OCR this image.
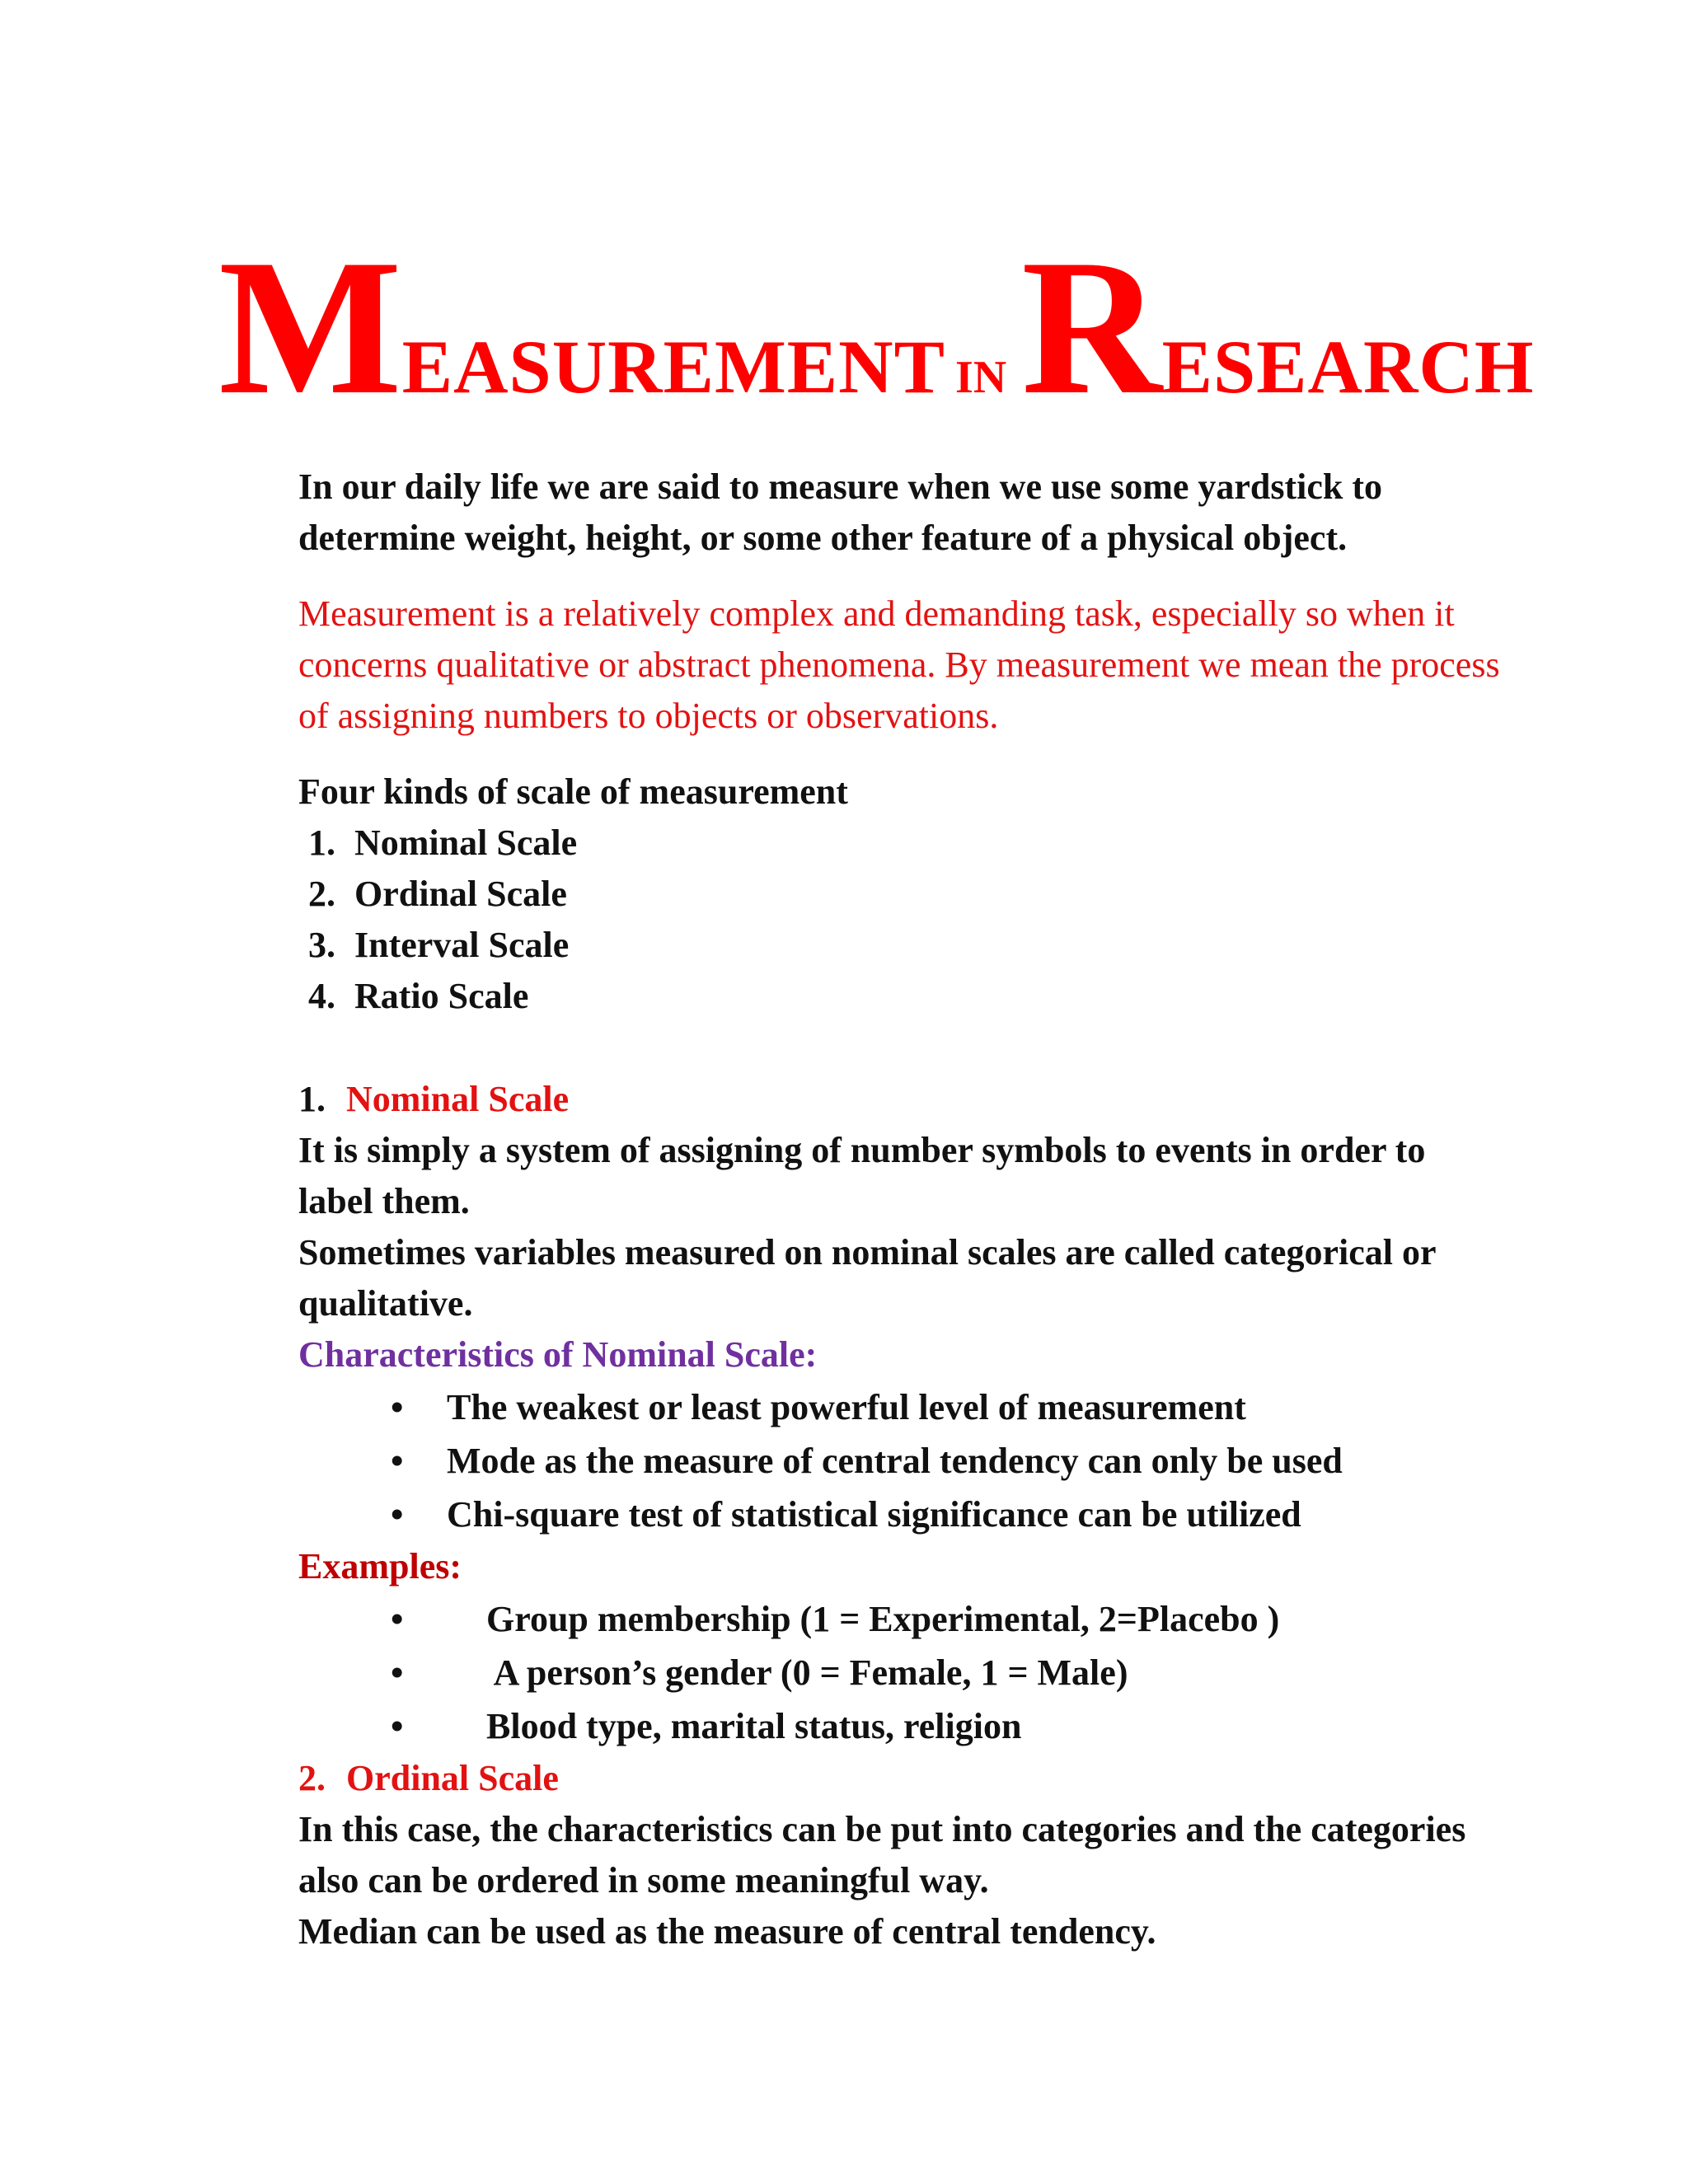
MEASUREMENT INRESEARCH

In our daily life we are said to measure when we use some yardstick to determine weight, height, or some other feature of a physical object.

Measurement is a relatively complex and demanding task, especially so when it concerns qualitative or abstract phenomena. By measurement we mean the process of assigning numbers to objects or observations.

Four kinds of scale of measurement

1. Nominal Scale
2. Ordinal Scale
3. Interval Scale
4. Ratio Scale
1. Nominal Scale

It is simply a system of assigning of number symbols to events in order to label them.

Sometimes variables measured on nominal scales are called categorical or qualitative.

Characteristics of Nominal Scale:

• The weakest or least powerful level of measurement
• Mode as the measure of central tendency can only be used
• Chi-square test of statistical significance can be utilized

Examples:

• Group membership (1 = Experimental, 2=Placebo )
• A person’s gender (0 = Female, 1 = Male)
• Blood type, marital status, religion
2. Ordinal Scale

In this case, the characteristics can be put into categories and the categories also can be ordered in some meaningful way.

Median can be used as the measure of central tendency.
